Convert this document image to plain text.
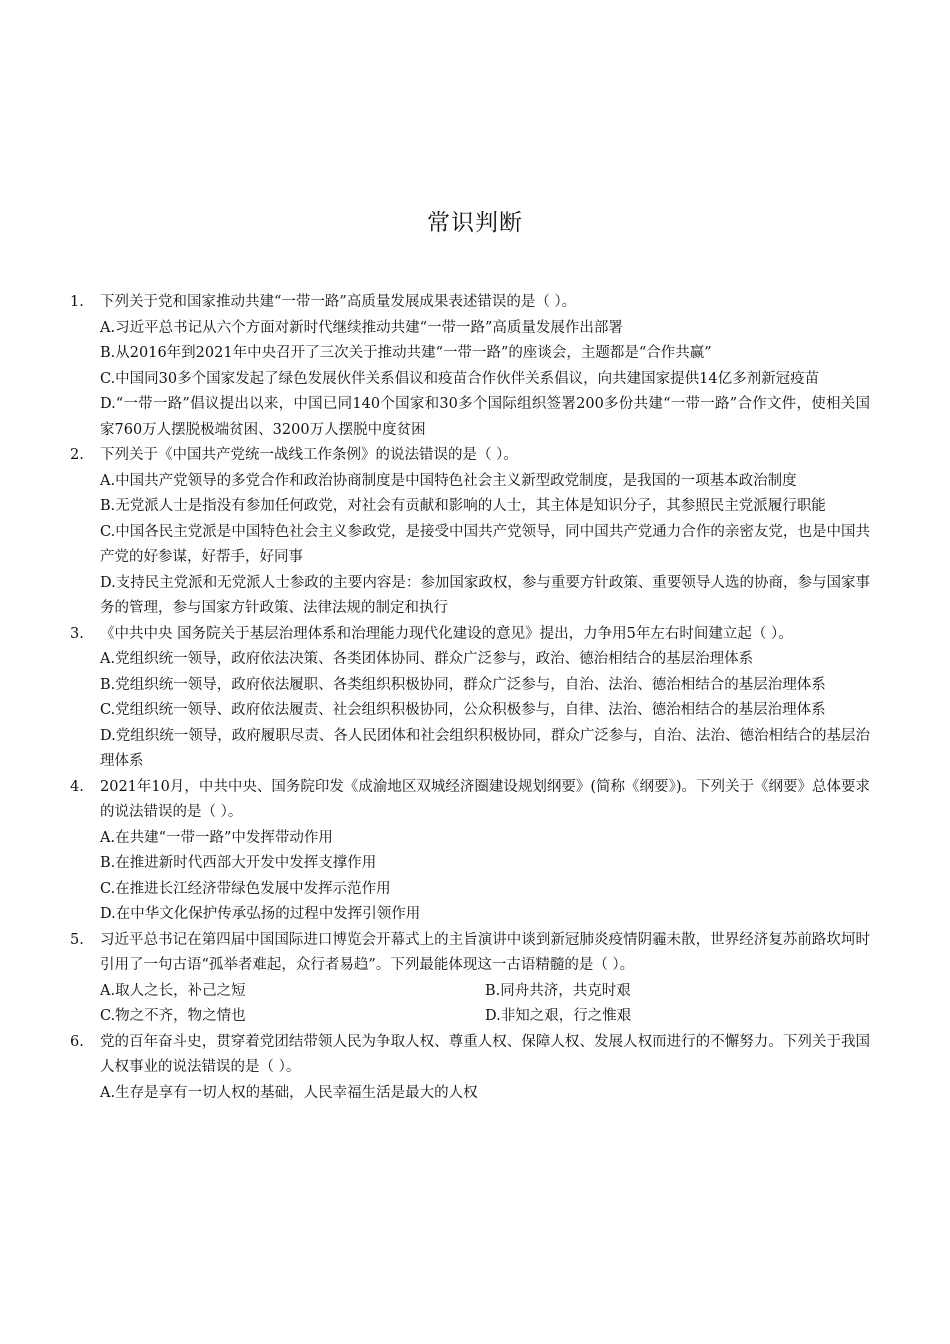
常识判断
1.	下列关于党和国家推动共建“一带一路”高质量发展成果表述错误的是（ ）。
A.习近平总书记从六个方面对新时代继续推动共建“一带一路”高质量发展作出部署
B.从2016年到2021年中央召开了三次关于推动共建“一带一路”的座谈会，主题都是“合作共赢”
C.中国同30多个国家发起了绿色发展伙伴关系倡议和疫苗合作伙伴关系倡议，向共建国家提供14亿多剂新冠疫苗
D.“一带一路”倡议提出以来，中国已同140个国家和30多个国际组织签署200多份共建“一带一路”合作文件，使相关国家760万人摆脱极端贫困、3200万人摆脱中度贫困
2.	下列关于《中国共产党统一战线工作条例》的说法错误的是（ ）。
A.中国共产党领导的多党合作和政治协商制度是中国特色社会主义新型政党制度，是我国的一项基本政治制度
B.无党派人士是指没有参加任何政党，对社会有贡献和影响的人士，其主体是知识分子，其参照民主党派履行职能
C.中国各民主党派是中国特色社会主义参政党，是接受中国共产党领导，同中国共产党通力合作的亲密友党，也是中国共产党的好参谋，好帮手，好同事
D.支持民主党派和无党派人士参政的主要内容是：参加国家政权，参与重要方针政策、重要领导人选的协商，参与国家事务的管理，参与国家方针政策、法律法规的制定和执行
3.	《中共中央 国务院关于基层治理体系和治理能力现代化建设的意见》提出，力争用5年左右时间建立起（ ）。
A.党组织统一领导，政府依法决策、各类团体协同、群众广泛参与，政治、德治相结合的基层治理体系
B.党组织统一领导，政府依法履职、各类组织积极协同，群众广泛参与，自治、法治、德治相结合的基层治理体系
C.党组织统一领导、政府依法履责、社会组织积极协同，公众积极参与，自律、法治、德治相结合的基层治理体系
D.党组织统一领导，政府履职尽责、各人民团体和社会组织积极协同，群众广泛参与，自治、法治、德治相结合的基层治理体系
4.	2021年10月，中共中央、国务院印发《成渝地区双城经济圈建设规划纲要》(简称《纲要》)。下列关于《纲要》总体要求的说法错误的是（ ）。
A.在共建“一带一路”中发挥带动作用
B.在推进新时代西部大开发中发挥支撑作用
C.在推进长江经济带绿色发展中发挥示范作用
D.在中华文化保护传承弘扬的过程中发挥引领作用
5.	习近平总书记在第四届中国国际进口博览会开幕式上的主旨演讲中谈到新冠肺炎疫情阴霾未散，世界经济复苏前路坎坷时引用了一句古语“孤举者难起，众行者易趋”。下列最能体现这一古语精髓的是（ ）。
A.取人之长，补己之短	B.同舟共济，共克时艰
C.物之不齐，物之情也	D.非知之艰，行之惟艰
6.	党的百年奋斗史，贯穿着党团结带领人民为争取人权、尊重人权、保障人权、发展人权而进行的不懈努力。下列关于我国人权事业的说法错误的是（ ）。
A.生存是享有一切人权的基础，人民幸福生活是最大的人权
